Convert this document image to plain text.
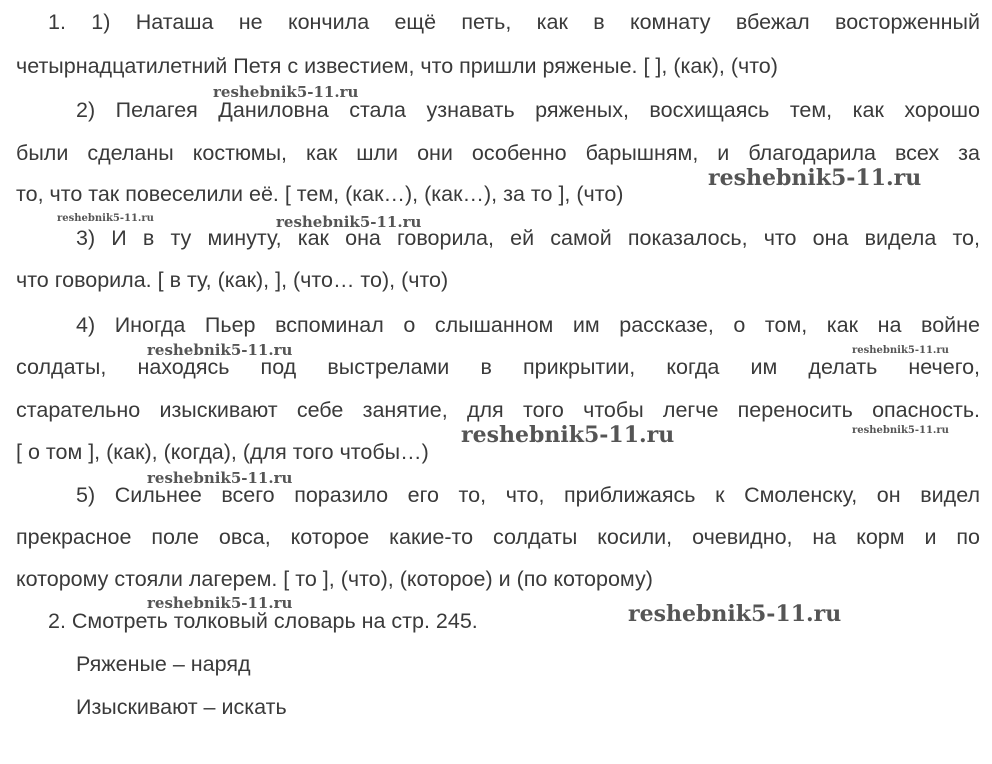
1. 1) Наташа не кончила ещё петь, как в комнату вбежал восторженный
четырнадцатилетний Петя с известием, что пришли ряженые. [ ], (как), (что)
2) Пелагея Даниловна стала узнавать ряженых, восхищаясь тем, как хорошо
были сделаны костюмы, как шли они особенно барышням, и благодарила всех за
то, что так повеселили её. [ тем, (как…), (как…), за то ], (что)
3) И в ту минуту, как она говорила, ей самой показалось, что она видела то,
что говорила. [ в ту, (как), ], (что… то), (что)
4) Иногда Пьер вспоминал о слышанном им рассказе, о том, как на войне
солдаты, находясь под выстрелами в прикрытии, когда им делать нечего,
старательно изыскивают себе занятие, для того чтобы легче переносить опасность.
[ о том ], (как), (когда), (для того чтобы…)
5) Сильнее всего поразило его то, что, приближаясь к Смоленску, он видел
прекрасное поле овса, которое какие-то солдаты косили, очевидно, на корм и по
которому стояли лагерем. [ то ], (что), (которое) и (по которому)
2. Смотреть толковый словарь на стр. 245.
Ряженые – наряд
Изыскивают – искать
reshebnik5-11.ru
reshebnik5-11.ru
reshebnik5-11.ru	reshebnik5-11.ru
reshebnik5-11.ru	reshebnik5-11.ru
reshebnik5-11.ru	reshebnik5-11.ru
reshebnik5-11.ru
reshebnik5-11.ru	reshebnik5-11.ru
